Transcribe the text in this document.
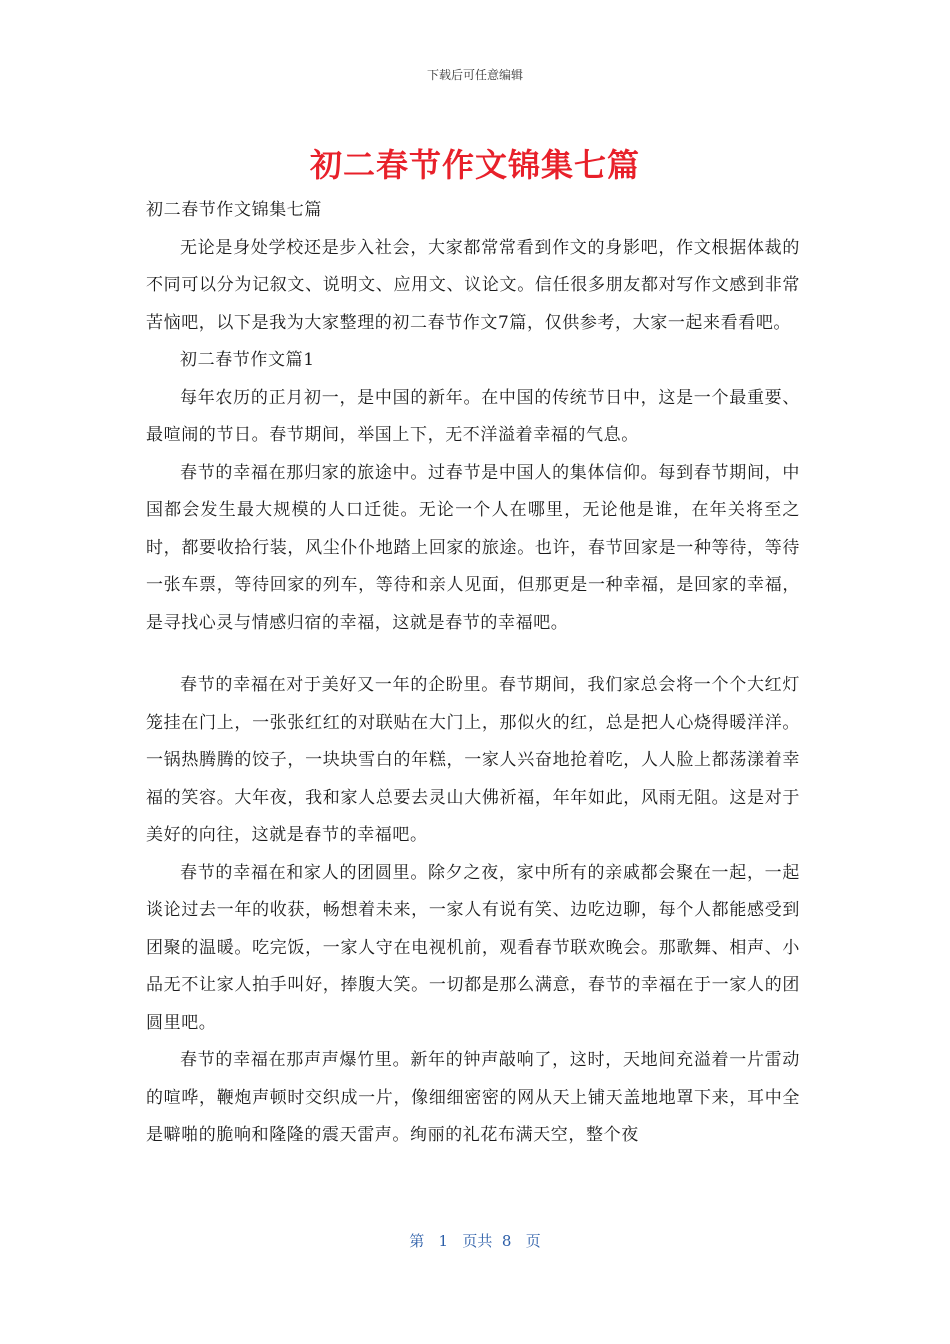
下载后可任意编辑
初二春节作文锦集七篇

初二春节作文锦集七篇

无论是身处学校还是步入社会，大家都常常看到作文的身影吧，作文根据体裁的不同可以分为记叙文、说明文、应用文、议论文。信任很多朋友都对写作文感到非常苦恼吧，以下是我为大家整理的初二春节作文7篇，仅供参考，大家一起来看看吧。

初二春节作文篇1

每年农历的正月初一，是中国的新年。在中国的传统节日中，这是一个最重要、最喧闹的节日。春节期间，举国上下，无不洋溢着幸福的气息。

春节的幸福在那归家的旅途中。过春节是中国人的集体信仰。每到春节期间，中国都会发生最大规模的人口迁徙。无论一个人在哪里，无论他是谁，在年关将至之时，都要收拾行装，风尘仆仆地踏上回家的旅途。也许，春节回家是一种等待，等待一张车票，等待回家的列车，等待和亲人见面，但那更是一种幸福，是回家的幸福，是寻找心灵与情感归宿的幸福，这就是春节的幸福吧。

春节的幸福在对于美好又一年的企盼里。春节期间，我们家总会将一个个大红灯笼挂在门上，一张张红红的对联贴在大门上，那似火的红，总是把人心烧得暖洋洋。一锅热腾腾的饺子，一块块雪白的年糕，一家人兴奋地抢着吃，人人脸上都荡漾着幸福的笑容。大年夜，我和家人总要去灵山大佛祈福，年年如此，风雨无阻。这是对于美好的向往，这就是春节的幸福吧。

春节的幸福在和家人的团圆里。除夕之夜，家中所有的亲戚都会聚在一起，一起谈论过去一年的收获，畅想着未来，一家人有说有笑、边吃边聊，每个人都能感受到团聚的温暖。吃完饭，一家人守在电视机前，观看春节联欢晚会。那歌舞、相声、小品无不让家人拍手叫好，捧腹大笑。一切都是那么满意，春节的幸福在于一家人的团圆里吧。

春节的幸福在那声声爆竹里。新年的钟声敲响了，这时，天地间充溢着一片雷动的喧哗，鞭炮声顿时交织成一片，像细细密密的网从天上铺天盖地地罩下来，耳中全是噼啪的脆响和隆隆的震天雷声。绚丽的礼花布满天空，整个夜

第   1   页共  8   页
